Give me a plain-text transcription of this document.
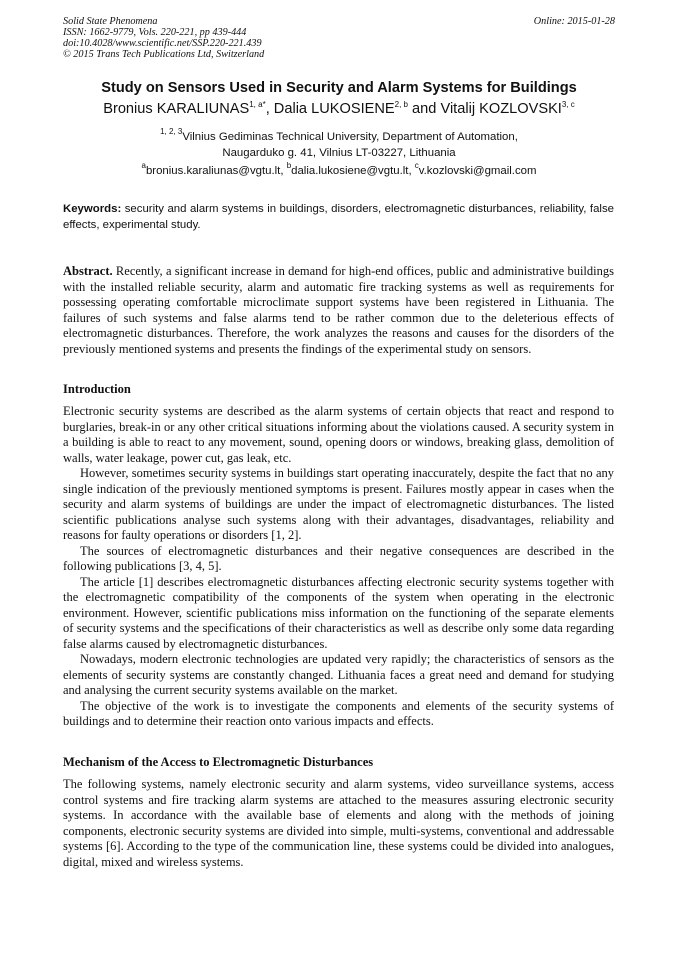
Solid State Phenomena
ISSN: 1662-9779, Vols. 220-221, pp 439-444
doi:10.4028/www.scientific.net/SSP.220-221.439
© 2015 Trans Tech Publications Ltd, Switzerland
Online: 2015-01-28
Study on Sensors Used in Security and Alarm Systems for Buildings
Bronius $KARALIUNAS^{1, a*}$, Dalia LUKOSIENE$^{2, b}$ and Vitalij KOZLOVSKI$^{3, c}$
$^{1, 2, 3}$Vilnius Gediminas Technical University, Department of Automation,
Naugarduko g. 41, Vilnius LT-03227, Lithuania
$^a$bronius.karaliunas@vgtu.lt, $^b$dalia.lukosiene@vgtu.lt, $^c$v.kozlovski@gmail.com
Keywords: security and alarm systems in buildings, disorders, electromagnetic disturbances, reliability, false effects, experimental study.
Abstract. Recently, a significant increase in demand for high-end offices, public and administrative buildings with the installed reliable security, alarm and automatic fire tracking systems as well as requirements for possessing operating comfortable microclimate support systems have been registered in Lithuania. The failures of such systems and false alarms tend to be rather common due to the deleterious effects of electromagnetic disturbances. Therefore, the work analyzes the reasons and causes for the disorders of the previously mentioned systems and presents the findings of the experimental study on sensors.
Introduction

Electronic security systems are described as the alarm systems of certain objects that react and respond to burglaries, break-in or any other critical situations informing about the violations caused. A security system in a building is able to react to any movement, sound, opening doors or windows, breaking glass, demolition of walls, water leakage, power cut, gas leak, etc.

However, sometimes security systems in buildings start operating inaccurately, despite the fact that no any single indication of the previously mentioned symptoms is present. Failures mostly appear in cases when the security and alarm systems of buildings are under the impact of electromagnetic disturbances. The listed scientific publications analyse such systems along with their advantages, disadvantages, reliability and reasons for faulty operations or disorders [1, 2].

The sources of electromagnetic disturbances and their negative consequences are described in the following publications [3, 4, 5].

The article [1] describes electromagnetic disturbances affecting electronic security systems together with the electromagnetic compatibility of the components of the system when operating in the electronic environment. However, scientific publications miss information on the functioning of the separate elements of security systems and the specifications of their characteristics as well as describe only some data regarding false alarms caused by electromagnetic disturbances.

Nowadays, modern electronic technologies are updated very rapidly; the characteristics of sensors as the elements of security systems are constantly changed. Lithuania faces a great need and demand for studying and analysing the current security systems available on the market.

The objective of the work is to investigate the components and elements of the security systems of buildings and to determine their reaction onto various impacts and effects.

Mechanism of the Access to Electromagnetic Disturbances

The following systems, namely electronic security and alarm systems, video surveillance systems, access control systems and fire tracking alarm systems are attached to the measures assuring electronic security systems. In accordance with the available base of elements and along with the methods of joining components, electronic security systems are divided into simple, multi-systems, conventional and addressable systems [6]. According to the type of the communication line, these systems could be divided into analogues, digital, mixed and wireless systems.
